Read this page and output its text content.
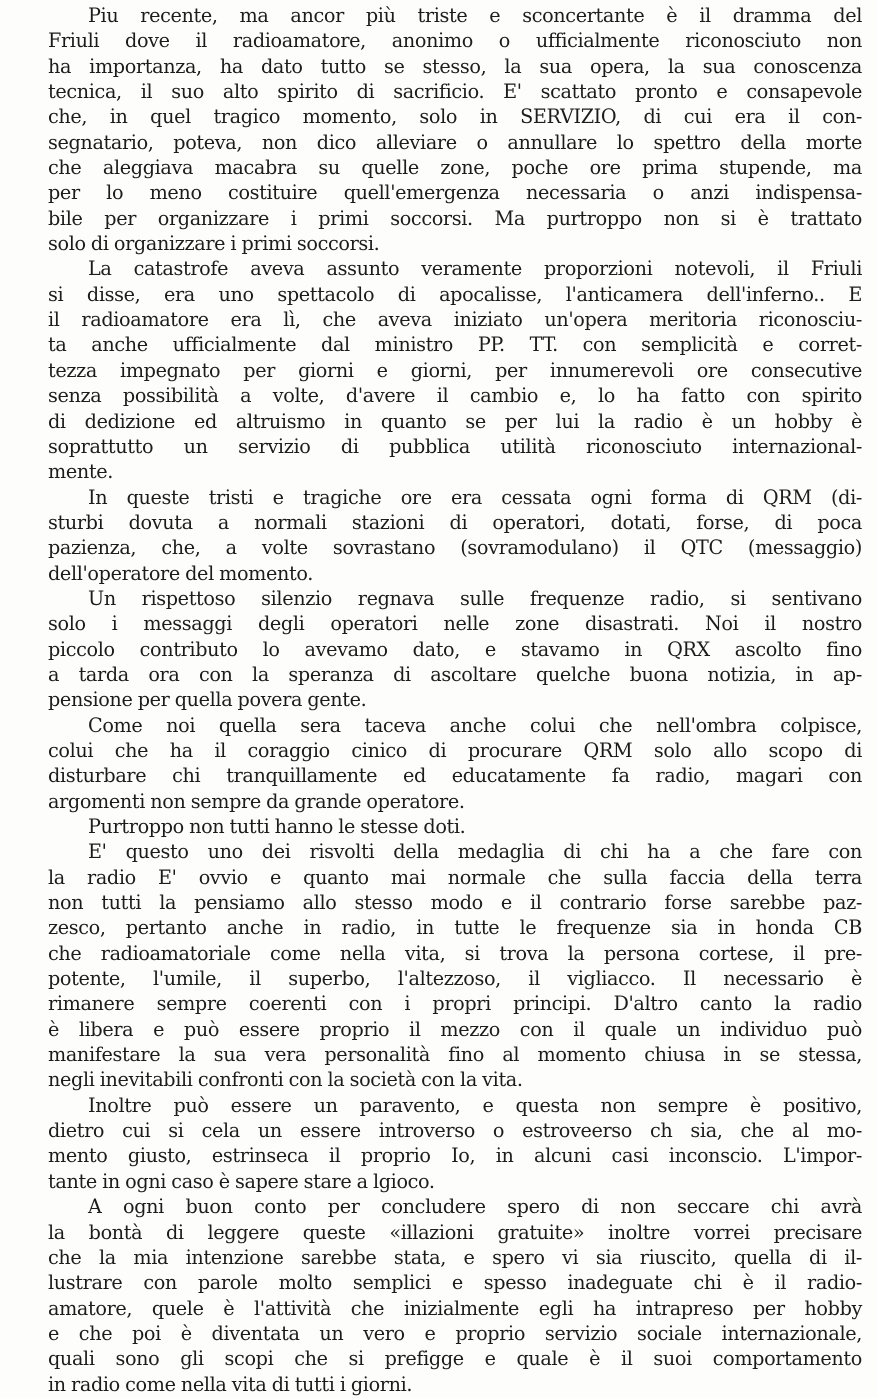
Piu recente, ma ancor più triste e sconcertante è il dramma del
Friuli dove il radioamatore, anonimo o ufficialmente riconosciuto non
ha importanza, ha dato tutto se stesso, la sua opera, la sua conoscenza
tecnica, il suo alto spirito di sacrificio. E' scattato pronto e consapevole
che, in quel tragico momento, solo in SERVIZIO, di cui era il con-
segnatario, poteva, non dico alleviare o annullare lo spettro della morte
che aleggiava macabra su quelle zone, poche ore prima stupende, ma
per lo meno costituire quell'emergenza necessaria o anzi indispensa-
bile per organizzare i primi soccorsi. Ma purtroppo non si è trattato
solo di organizzare i primi soccorsi.
La catastrofe aveva assunto veramente proporzioni notevoli, il Friuli
si disse, era uno spettacolo di apocalisse, l'anticamera dell'inferno.. E
il radioamatore era lì, che aveva iniziato un'opera meritoria riconosciu-
ta anche ufficialmente dal ministro PP. TT. con semplicità e corret-
tezza impegnato per giorni e giorni, per innumerevoli ore consecutive
senza possibilità a volte, d'avere il cambio e, lo ha fatto con spirito
di dedizione ed altruismo in quanto se per lui la radio è un hobby è
soprattutto un servizio di pubblica utilità riconosciuto internazional-
mente.
In queste tristi e tragiche ore era cessata ogni forma di QRM (di-
sturbi dovuta a normali stazioni di operatori, dotati, forse, di poca
pazienza, che, a volte sovrastano (sovramodulano) il QTC (messaggio)
dell'operatore del momento.
Un rispettoso silenzio regnava sulle frequenze radio, si sentivano
solo i messaggi degli operatori nelle zone disastrati. Noi il nostro
piccolo contributo lo avevamo dato, e stavamo in QRX ascolto fino
a tarda ora con la speranza di ascoltare quelche buona notizia, in ap-
pensione per quella povera gente.
Come noi quella sera taceva anche colui che nell'ombra colpisce,
colui che ha il coraggio cinico di procurare QRM solo allo scopo di
disturbare chi tranquillamente ed educatamente fa radio, magari con
argomenti non sempre da grande operatore.
Purtroppo non tutti hanno le stesse doti.
E' questo uno dei risvolti della medaglia di chi ha a che fare con
la radio E' ovvio e quanto mai normale che sulla faccia della terra
non tutti la pensiamo allo stesso modo e il contrario forse sarebbe paz-
zesco, pertanto anche in radio, in tutte le frequenze sia in honda CB
che radioamatoriale come nella vita, si trova la persona cortese, il pre-
potente, l'umile, il superbo, l'altezzoso, il vigliacco. Il necessario è
rimanere sempre coerenti con i propri principi. D'altro canto la radio
è libera e può essere proprio il mezzo con il quale un individuo può
manifestare la sua vera personalità fino al momento chiusa in se stessa,
negli inevitabili confronti con la società con la vita.
Inoltre può essere un paravento, e questa non sempre è positivo,
dietro cui si cela un essere introverso o estroveerso ch sia, che al mo-
mento giusto, estrinseca il proprio Io, in alcuni casi inconscio. L'impor-
tante in ogni caso è sapere stare a lgioco.
A ogni buon conto per concludere spero di non seccare chi avrà
la bontà di leggere queste «illazioni gratuite» inoltre vorrei precisare
che la mia intenzione sarebbe stata, e spero vi sia riuscito, quella di il-
lustrare con parole molto semplici e spesso inadeguate chi è il radio-
amatore, quele è l'attività che inizialmente egli ha intrapreso per hobby
e che poi è diventata un vero e proprio servizio sociale internazionale,
quali sono gli scopi che si prefigge e quale è il suoi comportamento
in radio come nella vita di tutti i giorni.
